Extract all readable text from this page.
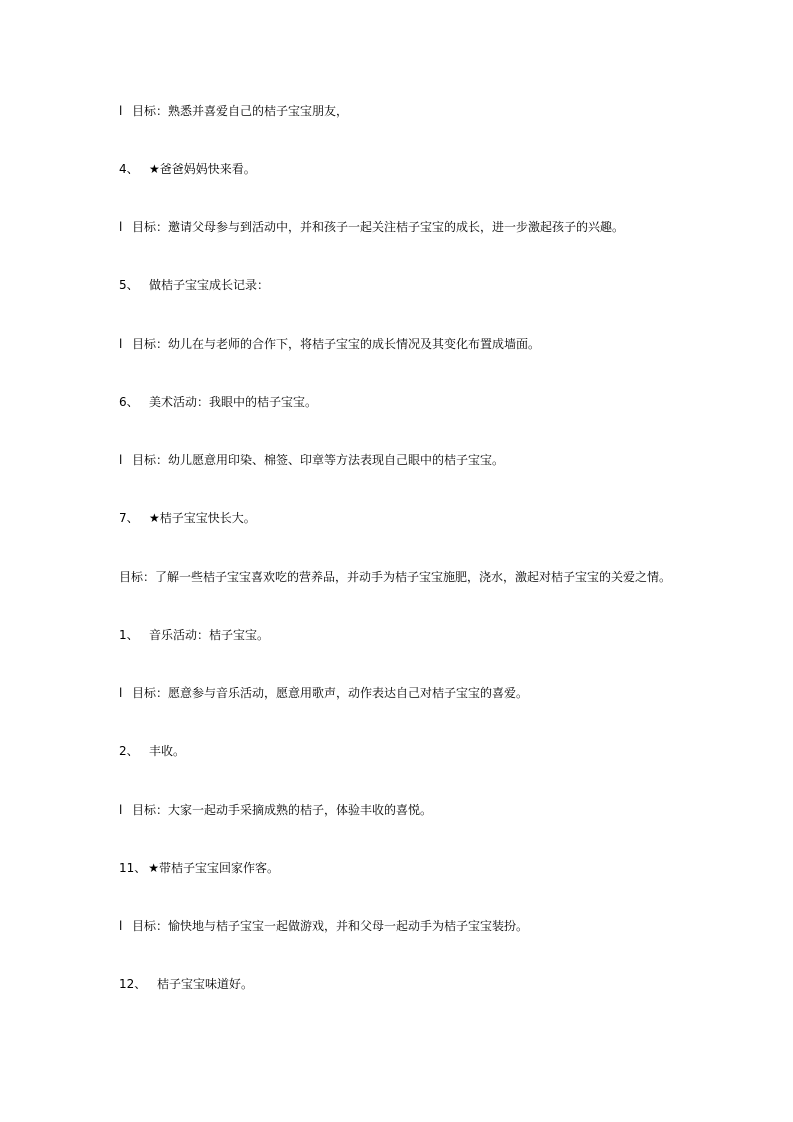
l 目标：熟悉并喜爱自己的桔子宝宝朋友，
4、 ★爸爸妈妈快来看。
l 目标：邀请父母参与到活动中，并和孩子一起关注桔子宝宝的成长，进一步激起孩子的兴趣。
5、 做桔子宝宝成长记录：
l 目标：幼儿在与老师的合作下，将桔子宝宝的成长情况及其变化布置成墙面。
6、 美术活动：我眼中的桔子宝宝。
l 目标：幼儿愿意用印染、棉签、印章等方法表现自己眼中的桔子宝宝。
7、 ★桔子宝宝快长大。
目标：了解一些桔子宝宝喜欢吃的营养品，并动手为桔子宝宝施肥，浇水，激起对桔子宝宝的关爱之情。
1、 音乐活动：桔子宝宝。
l 目标：愿意参与音乐活动，愿意用歌声，动作表达自己对桔子宝宝的喜爱。
2、 丰收。
l 目标：大家一起动手采摘成熟的桔子，体验丰收的喜悦。
11、 ★带桔子宝宝回家作客。
l 目标：愉快地与桔子宝宝一起做游戏，并和父母一起动手为桔子宝宝装扮。
12、 桔子宝宝味道好。
